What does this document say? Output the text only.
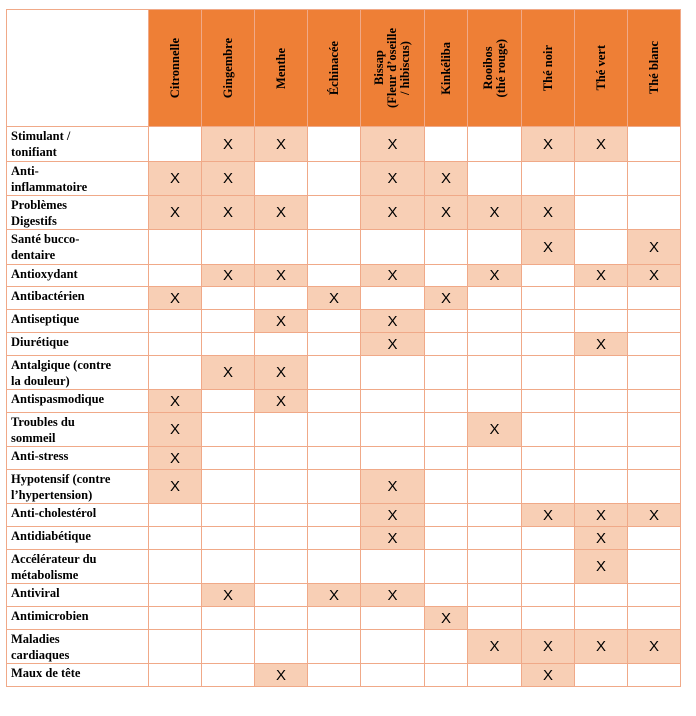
	Citronnelle	Gingembre	Menthe	Échinacée	Bissap
(Fleur d’oseille
/ hibiscus)	Kinkéliba	Rooibos
(thé rouge)	Thé noir	Thé vert	Thé blanc

Stimulant /
tonifiant		X	X		X			X	X	
Anti-
inflammatoire	X	X			X	X				
Problèmes
Digestifs	X	X	X		X	X	X	X		
Santé bucco-
dentaire								X		X
Antioxydant		X	X		X		X		X	X
Antibactérien	X			X		X				
Antiseptique			X		X					
Diurétique					X				X	
Antalgique (contre
la douleur)		X	X							
Antispasmodique	X		X							
Troubles du
sommeil	X						X			
Anti-stress	X									
Hypotensif (contre
l’hypertension)	X				X					
Anti-cholestérol					X			X	X	X
Antidiabétique					X				X	
Accélérateur du
métabolisme									X	
Antiviral		X		X	X					
Antimicrobien						X				
Maladies
cardiaques							X	X	X	X
Maux de tête			X					X		
